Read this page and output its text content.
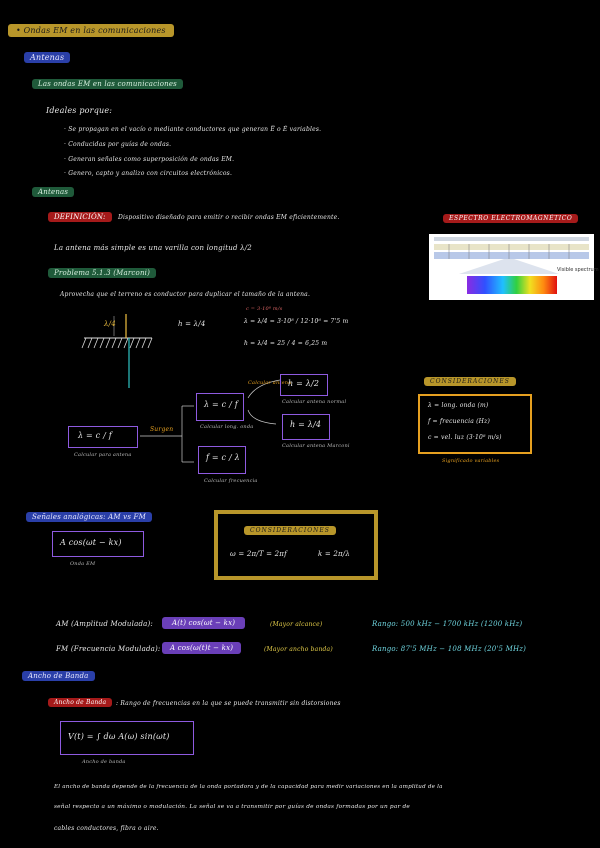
• Ondas EM en las comunicaciones
Antenas
Las ondas EM en las comunicaciones
Ideales porque:
· Se propagan en el vacío o mediante conductores que generan E̅ o É variables.
· Conducidas por guías de ondas.
· Generan señales como superposición de ondas EM.
· Genero, capto y analizo con circuitos electrónicos.
Antenas
DEFINICIÓN:	Dispositivo diseñado para emitir o recibir ondas EM eficientemente.
La antena más simple es una varilla con longitud λ/2
ESPECTRO ELECTROMAGNÉTICO
Visible spectrum
Problema 5.1.3 (Marconi)
Aprovecha que el terreno es conductor para duplicar el tamaño de la antena.
λ/4	h = λ/4
c = 3·10⁸ m/s
λ = λ/4 = 3·10⁸ / 12·10⁶ = 7'5 m
h = λ/4 = 25 / 4 = 6,25 m
λ = c / f
Calcular para antena
Surgen
λ = c / f
Calcular long. onda
f = c / λ
Calcular frecuencia
Calcular antena
h = λ/2
Calcular antena normal
h = λ/4
Calcular antena Marconi
CONSIDERACIONES
λ = long. onda (m)
f = frecuencia (Hz)
c = vel. luz (3·10⁸ m/s)
Significado variables
Señales analógicas: AM vs FM
A cos(ωt − kx)
Onda EM
CONSIDERACIONES
ω = 2π/T = 2πf	k = 2π/λ
AM (Amplitud Modulada):	A(t) cos(ωt − kx)	(Mayor alcance)	Rango: 500 kHz − 1700 kHz (1200 kHz)
FM (Frecuencia Modulada):	A cos(ω(t)t − kx)	(Mayor ancho banda)	Rango: 87'5 MHz − 108 MHz (20'5 MHz)
Ancho de Banda
Ancho de Banda	: Rango de frecuencias en la que se puede transmitir sin distorsiones
V(t) = ∫ dω A(ω) sin(ωt)
Ancho de banda
El ancho de banda depende de la frecuencia de la onda portadora y de la capacidad para medir variaciones en la amplitud de la
señal respecto a un máximo o modulación. La señal se va a transmitir por guías de ondas formadas por un par de
cables conductores, fibra o aire.
